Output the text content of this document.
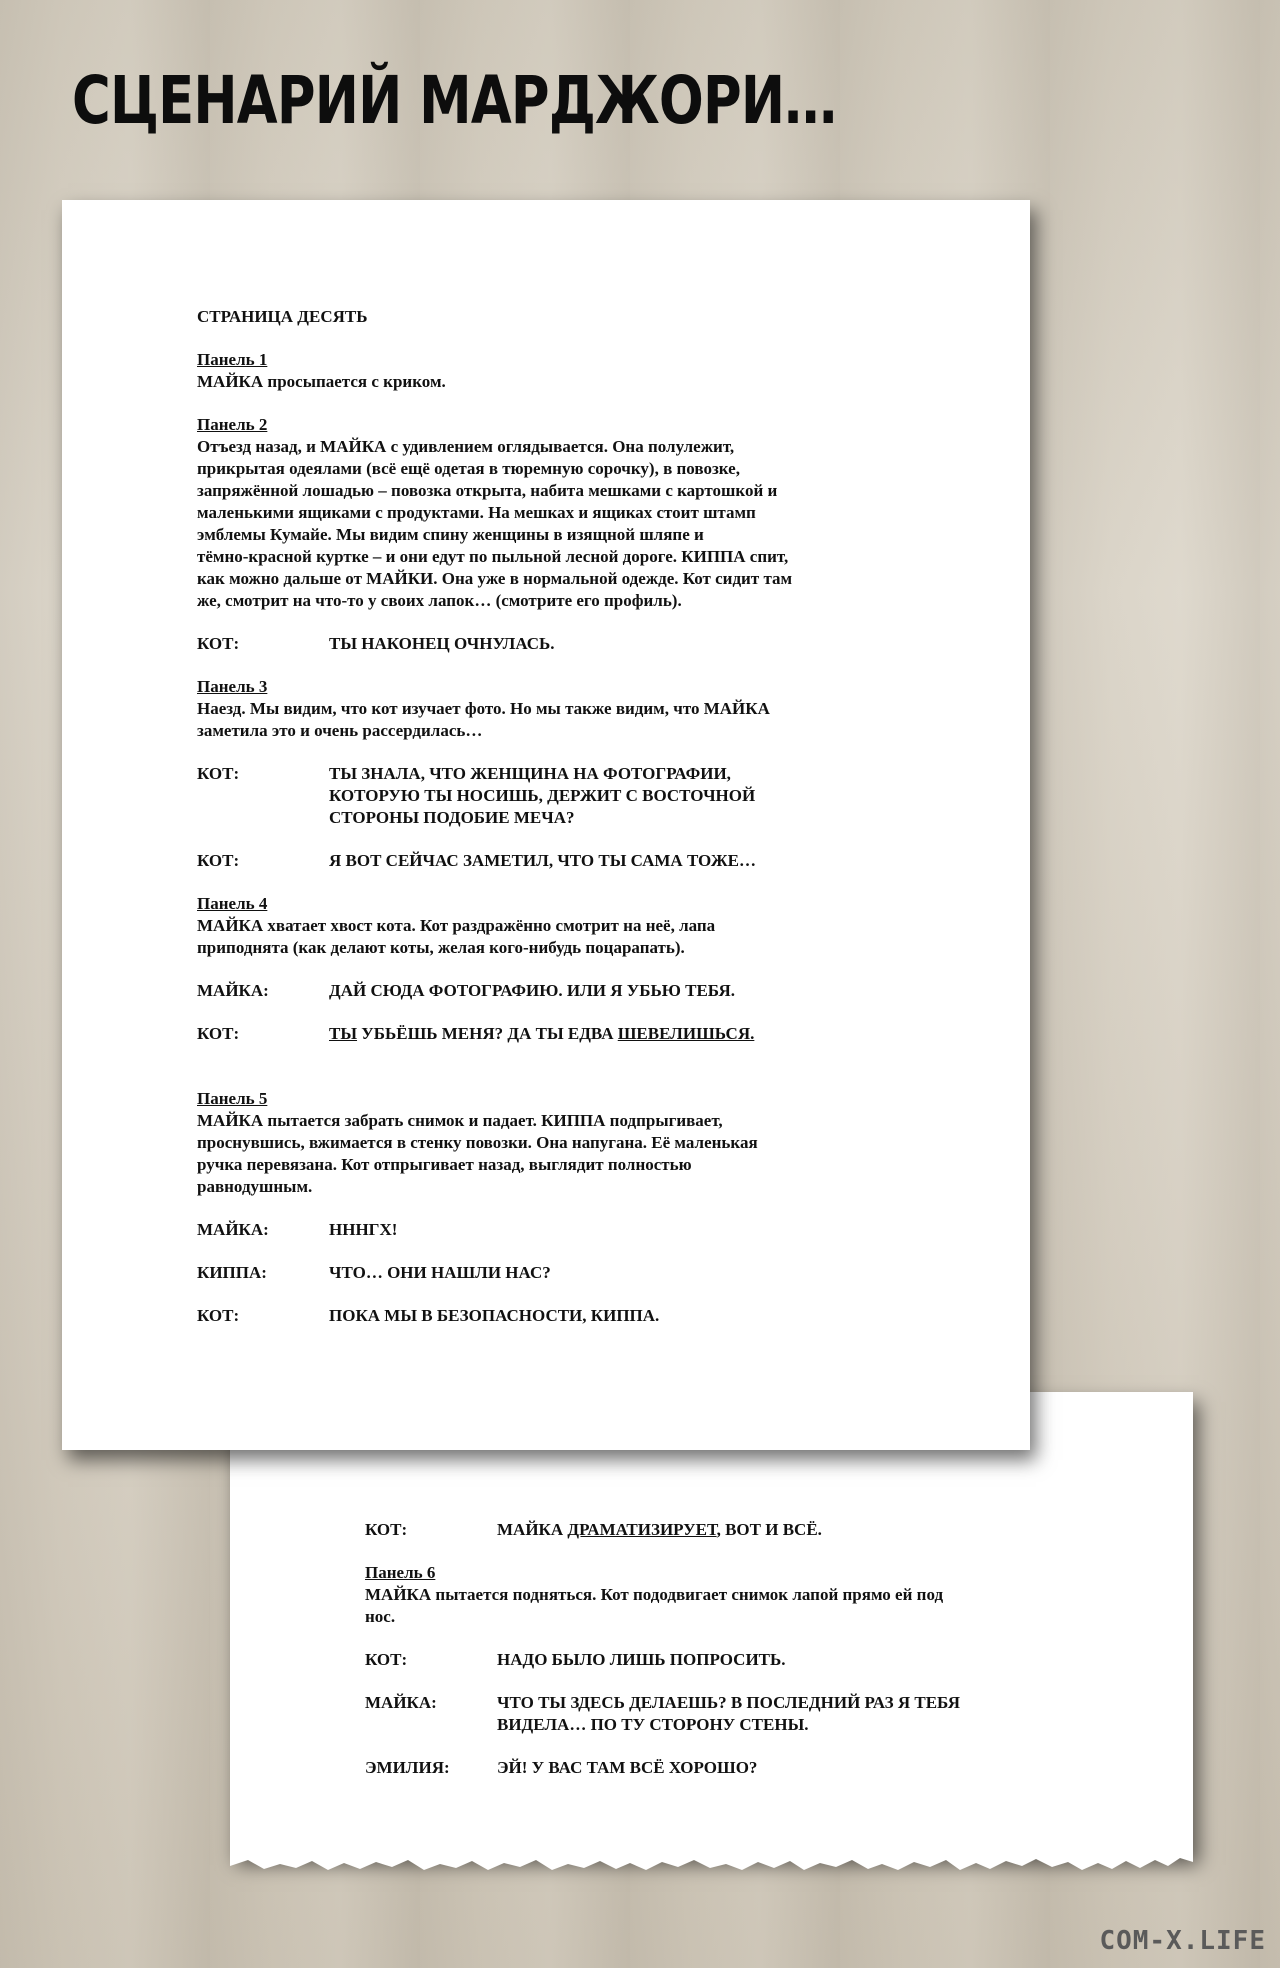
СЦЕНАРИЙ МАРДЖОРИ…

СТРАНИЦА ДЕСЯТЬ

Панель 1

МАЙКА просыпается с криком.

Панель 2

Отъезд назад, и МАЙКА с удивлением оглядывается. Она полулежит,

прикрытая одеялами (всё ещё одетая в тюремную сорочку), в повозке,

запряжённой лошадью – повозка открыта, набита мешками с картошкой и

маленькими ящиками с продуктами. На мешках и ящиках стоит штамп

эмблемы Кумайе. Мы видим спину женщины в изящной шляпе и

тёмно-красной куртке – и они едут по пыльной лесной дороге. КИППА спит,

как можно дальше от МАЙКИ. Она уже в нормальной одежде. Кот сидит там

же, смотрит на что-то у своих лапок… (смотрите его профиль).

КОТ:	ТЫ НАКОНЕЦ ОЧНУЛАСЬ.

Панель 3

Наезд. Мы видим, что кот изучает фото. Но мы также видим, что МАЙКА

заметила это и очень рассердилась…

КОТ:	ТЫ ЗНАЛА, ЧТО ЖЕНЩИНА НА ФОТОГРАФИИ,
КОТОРУЮ ТЫ НОСИШЬ, ДЕРЖИТ С ВОСТОЧНОЙ
СТОРОНЫ ПОДОБИЕ МЕЧА?
КОТ:	Я ВОТ СЕЙЧАС ЗАМЕТИЛ, ЧТО ТЫ САМА ТОЖЕ…

Панель 4

МАЙКА хватает хвост кота. Кот раздражённо смотрит на неё, лапа

приподнята (как делают коты, желая кого-нибудь поцарапать).

МАЙКА:	ДАЙ СЮДА ФОТОГРАФИЮ. ИЛИ Я УБЬЮ ТЕБЯ.
КОТ:	ТЫ УБЬЁШЬ МЕНЯ? ДА ТЫ ЕДВА ШЕВЕЛИШЬСЯ.

Панель 5

МАЙКА пытается забрать снимок и падает. КИППА подпрыгивает,

проснувшись, вжимается в стенку повозки. Она напугана. Её маленькая

ручка перевязана. Кот отпрыгивает назад, выглядит полностью

равнодушным.

МАЙКА:	НННГХ!
КИППА:	ЧТО… ОНИ НАШЛИ НАС?
КОТ:	ПОКА МЫ В БЕЗОПАСНОСТИ, КИППА.
КОТ:	МАЙКА ДРАМАТИЗИРУЕТ, ВОТ И ВСЁ.

Панель 6

МАЙКА пытается подняться. Кот пододвигает снимок лапой прямо ей под

нос.

КОТ:	НАДО БЫЛО ЛИШЬ ПОПРОСИТЬ.
МАЙКА:	ЧТО ТЫ ЗДЕСЬ ДЕЛАЕШЬ? В ПОСЛЕДНИЙ РАЗ Я ТЕБЯ
ВИДЕЛА… ПО ТУ СТОРОНУ СТЕНЫ.
ЭМИЛИЯ:	ЭЙ! У ВАС ТАМ ВСЁ ХОРОШО?
COM-X.LIFE
